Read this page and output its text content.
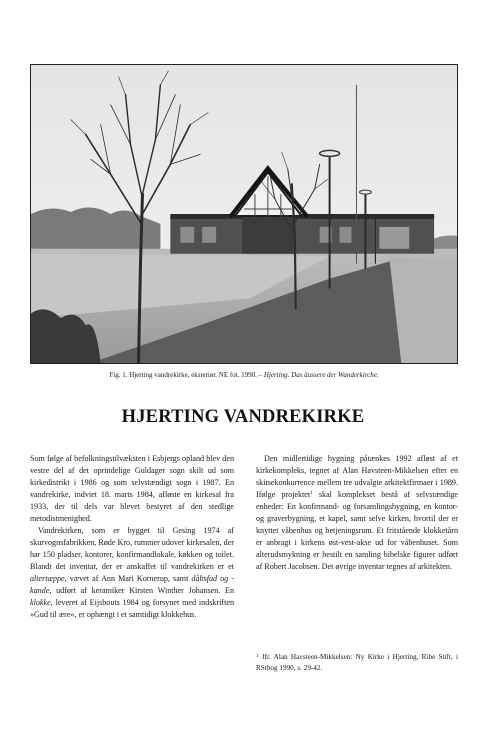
Fig. 1. Hjerting vandrekirke, eksteriør. NE fot. 1990. – Hjerting. Das äussere der Wanderkirche.
HJERTING VANDREKIRKE

Som følge af befolkningstilvæksten i Esbjergs opland blev den vestre del af det oprindelige Guldager sogn skilt ud som kirkedistrikt i 1986 og som selvstændigt sogn i 1987. En vandrekirke, indviet 18. marts 1984, afløste en kirkesal fra 1933, der til dels var blevet bestyret af den stedlige metodistmenighed.

Vandrekirken, som er bygget til Gesing 1974 af skurvognsfabrikken, Røde Kro, rummer udover kirkesalen, der har 150 pladser, kontorer, konfirmandlokale, køkken og toilet. Blandt det inventar, der er anskaffet til vandrekirken er et altertæppe, vævet af Ann Mari Kornerup, samt dåbsfad og -kande, udført af keramiker Kirsten Winther Johansen. En klokke, leveret af Eijsbouts 1984 og forsynet med indskriften »Gud til ære«, er ophængt i et samtidigt klokkehus.

Den midlertidige bygning påtænkes 1992 afløst af et kirkekompleks, tegnet af Alan Havsteen-Mikkelsen efter en skitsekonkurrence mellem tre udvalgte arkitektfirmaer i 1989. Ifølge projektet$^1$ skal komplekset bestå af selvstændige enheder: En konfirmand- og forsamlingsbygning, en kontor- og graverbygning, et kapel, samt selve kirken, hvortil der er knyttet våbenhus og betjeningsrum. Et fritstående klokketårn er anbragt i kirkens øst-vest-akse ud for våbenhuset. Som alterudsmykning er bestilt en samling bibelske figurer udført af Robert Jacobsen. Det øvrige inventar tegnes af arkitekten.

$^1$ Jfr. Alan Havsteen-Mikkelsen: Ny Kirke i Hjerting, Ribe Stift, i RStbog 1990, s. 29-42.
